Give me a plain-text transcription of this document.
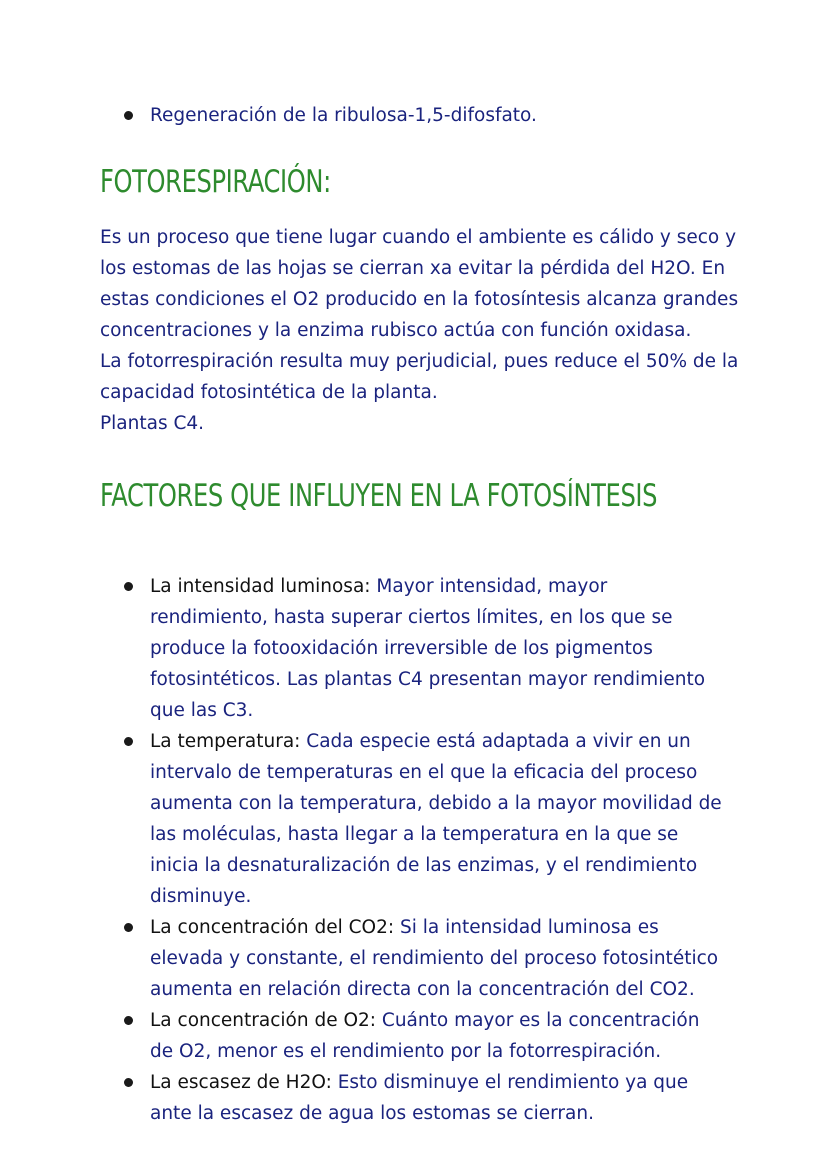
Regeneración de la ribulosa-1,5-difosfato.
FOTORESPIRACIÓN:

Es un proceso que tiene lugar cuando el ambiente es cálido y seco y los estomas de las hojas se cierran xa evitar la pérdida del H2O. En estas condiciones el O2 producido en la fotosíntesis alcanza grandes concentraciones y la enzima rubisco actúa con función oxidasa.

La fotorrespiración resulta muy perjudicial, pues reduce el 50% de la capacidad fotosintética de la planta.

Plantas C4.

FACTORES QUE INFLUYEN EN LA FOTOSÍNTESIS
La intensidad luminosa: Mayor intensidad, mayor rendimiento, hasta superar ciertos límites, en los que se produce la fotooxidación irreversible de los pigmentos fotosintéticos. Las plantas C4 presentan mayor rendimiento que las C3.
La temperatura: Cada especie está adaptada a vivir en un intervalo de temperaturas en el que la eficacia del proceso aumenta con la temperatura, debido a la mayor movilidad de las moléculas, hasta llegar a la temperatura en la que se inicia la desnaturalización de las enzimas, y el rendimiento disminuye.
La concentración del CO2: Si la intensidad luminosa es elevada y constante, el rendimiento del proceso fotosintético aumenta en relación directa con la concentración del CO2.
La concentración de O2: Cuánto mayor es la concentración de O2, menor es el rendimiento por la fotorrespiración.
La escasez de H2O: Esto disminuye el rendimiento ya que ante la escasez de agua los estomas se cierran.
